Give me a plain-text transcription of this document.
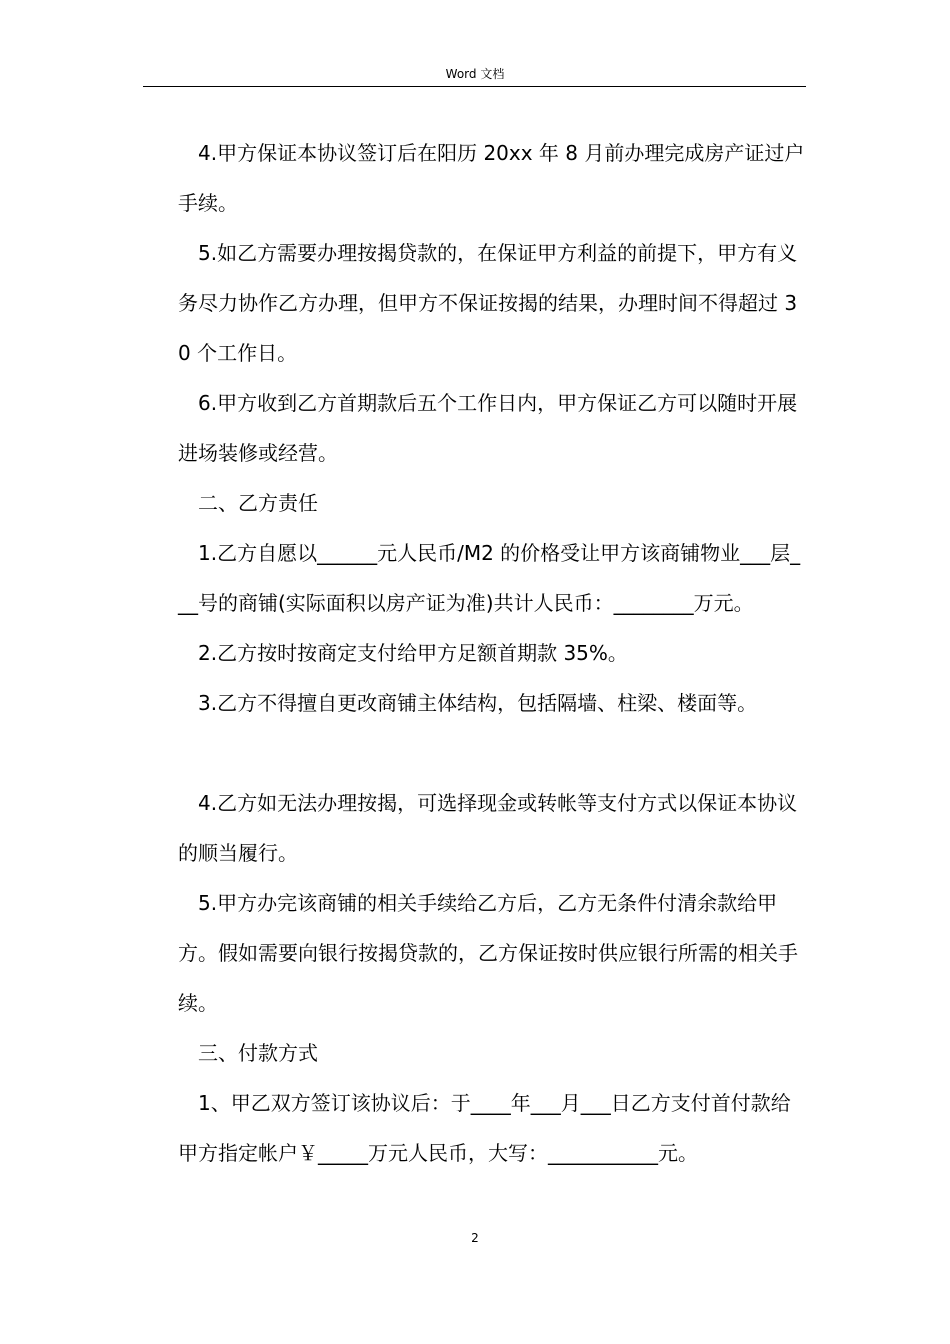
Word 文档

4.甲方保证本协议签订后在阳历 20xx 年 8 月前办理完成房产证过户手续。

5.如乙方需要办理按揭贷款的，在保证甲方利益的前提下，甲方有义务尽力协作乙方办理，但甲方不保证按揭的结果，办理时间不得超过 30 个工作日。

6.甲方收到乙方首期款后五个工作日内，甲方保证乙方可以随时开展进场装修或经营。

二、乙方责任

1.乙方自愿以______元人民币/M2 的价格受让甲方该商铺物业___层___号的商铺(实际面积以房产证为准)共计人民币：________万元。

2.乙方按时按商定支付给甲方足额首期款 35%。

3.乙方不得擅自更改商铺主体结构，包括隔墙、柱梁、楼面等。

4.乙方如无法办理按揭，可选择现金或转帐等支付方式以保证本协议的顺当履行。

5.甲方办完该商铺的相关手续给乙方后，乙方无条件付清余款给甲方。假如需要向银行按揭贷款的，乙方保证按时供应银行所需的相关手续。

三、付款方式

1、甲乙双方签订该协议后：于____年___月___日乙方支付首付款给甲方指定帐户￥_____万元人民币，大写：___________元。

2
